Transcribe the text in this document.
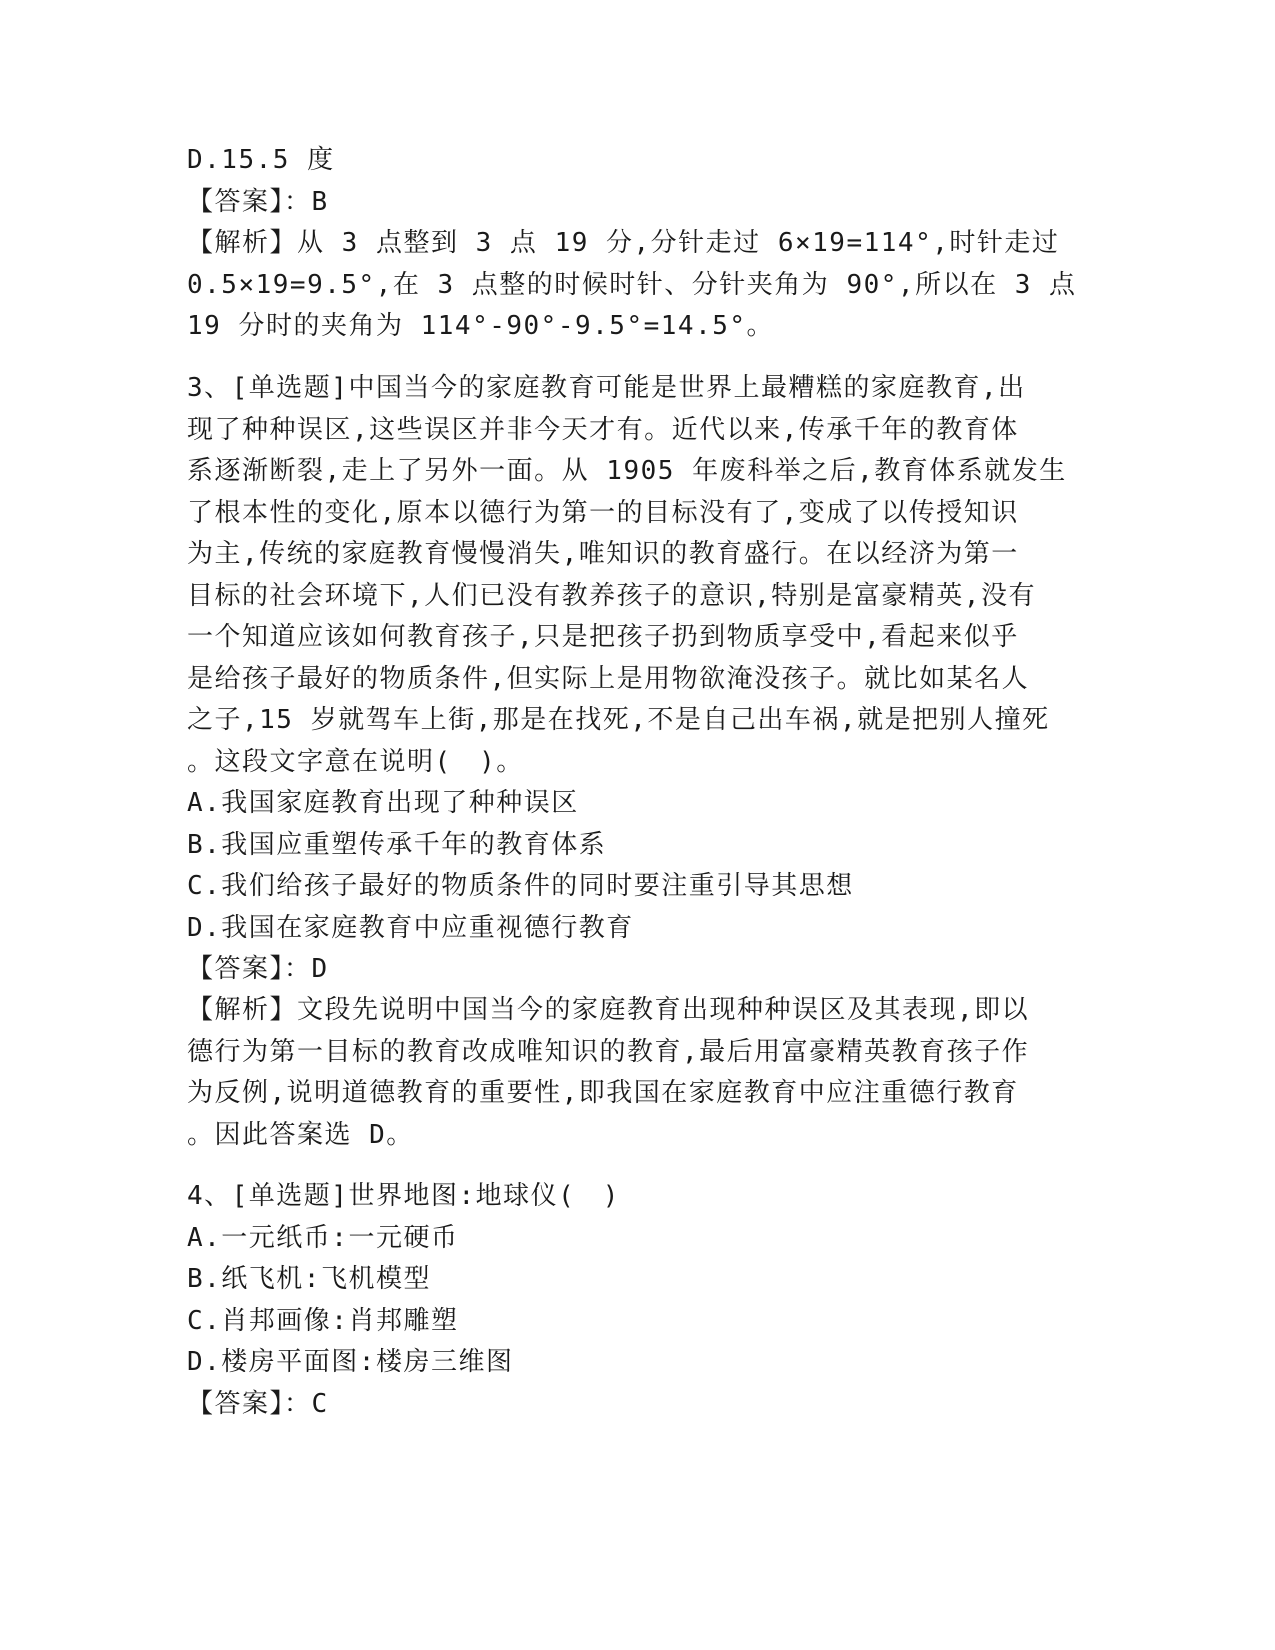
D.15.5 度
【答案】：B
【解析】从 3 点整到 3 点 19 分,分针走过 6×19=114°,时针走过
0.5×19=9.5°,在 3 点整的时候时针、分针夹角为 90°,所以在 3 点
19 分时的夹角为 114°-90°-9.5°=14.5°。
3、[单选题]中国当今的家庭教育可能是世界上最糟糕的家庭教育,出
现了种种误区,这些误区并非今天才有。近代以来,传承千年的教育体
系逐渐断裂,走上了另外一面。从 1905 年废科举之后,教育体系就发生
了根本性的变化,原本以德行为第一的目标没有了,变成了以传授知识
为主,传统的家庭教育慢慢消失,唯知识的教育盛行。在以经济为第一
目标的社会环境下,人们已没有教养孩子的意识,特别是富豪精英,没有
一个知道应该如何教育孩子,只是把孩子扔到物质享受中,看起来似乎
是给孩子最好的物质条件,但实际上是用物欲淹没孩子。就比如某名人
之子,15 岁就驾车上街,那是在找死,不是自己出车祸,就是把别人撞死
。这段文字意在说明(　)。
A.我国家庭教育出现了种种误区
B.我国应重塑传承千年的教育体系
C.我们给孩子最好的物质条件的同时要注重引导其思想
D.我国在家庭教育中应重视德行教育
【答案】：D
【解析】文段先说明中国当今的家庭教育出现种种误区及其表现,即以
德行为第一目标的教育改成唯知识的教育,最后用富豪精英教育孩子作
为反例,说明道德教育的重要性,即我国在家庭教育中应注重德行教育
。因此答案选 D。
4、[单选题]世界地图:地球仪(　)
A.一元纸币:一元硬币
B.纸飞机:飞机模型
C.肖邦画像:肖邦雕塑
D.楼房平面图:楼房三维图
【答案】：C
